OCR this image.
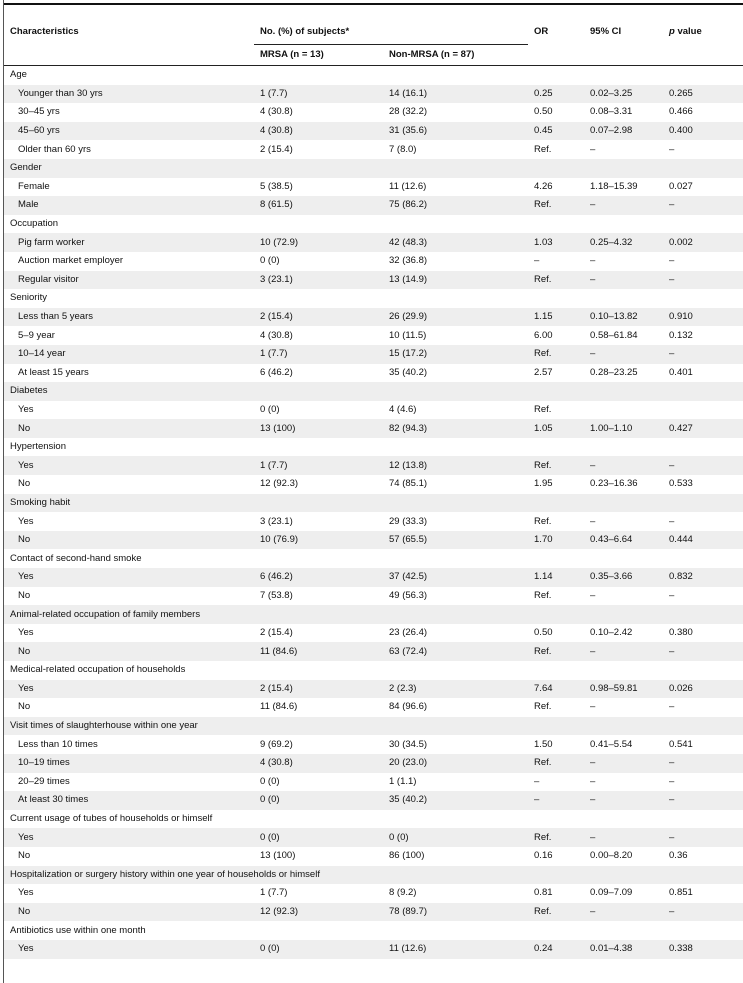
Characteristics	No. (%) of subjects*		OR	95% CI	p value
	MRSA (n = 13)	Non-MRSA (n = 87)			
Age					
Younger than 30 yrs	1 (7.7)	14 (16.1)	0.25	0.02–3.25	0.265
30–45 yrs	4 (30.8)	28 (32.2)	0.50	0.08–3.31	0.466
45–60 yrs	4 (30.8)	31 (35.6)	0.45	0.07–2.98	0.400
Older than 60 yrs	2 (15.4)	7 (8.0)	Ref.	–	–
Gender					
Female	5 (38.5)	11 (12.6)	4.26	1.18–15.39	0.027
Male	8 (61.5)	75 (86.2)	Ref.	–	–
Occupation					
Pig farm worker	10 (72.9)	42 (48.3)	1.03	0.25–4.32	0.002
Auction market employer	0 (0)	32 (36.8)	–	–	–
Regular visitor	3 (23.1)	13 (14.9)	Ref.	–	–
Seniority					
Less than 5 years	2 (15.4)	26 (29.9)	1.15	0.10–13.82	0.910
5–9 year	4 (30.8)	10 (11.5)	6.00	0.58–61.84	0.132
10–14 year	1 (7.7)	15 (17.2)	Ref.	–	–
At least 15 years	6 (46.2)	35 (40.2)	2.57	0.28–23.25	0.401
Diabetes					
Yes	0 (0)	4 (4.6)	Ref.		
No	13 (100)	82 (94.3)	1.05	1.00–1.10	0.427
Hypertension					
Yes	1 (7.7)	12 (13.8)	Ref.	–	–
No	12 (92.3)	74 (85.1)	1.95	0.23–16.36	0.533
Smoking habit					
Yes	3 (23.1)	29 (33.3)	Ref.	–	–
No	10 (76.9)	57 (65.5)	1.70	0.43–6.64	0.444
Contact of second-hand smoke					
Yes	6 (46.2)	37 (42.5)	1.14	0.35–3.66	0.832
No	7 (53.8)	49 (56.3)	Ref.	–	–
Animal-related occupation of family members					
Yes	2 (15.4)	23 (26.4)	0.50	0.10–2.42	0.380
No	11 (84.6)	63 (72.4)	Ref.	–	–
Medical-related occupation of households					
Yes	2 (15.4)	2 (2.3)	7.64	0.98–59.81	0.026
No	11 (84.6)	84 (96.6)	Ref.	–	–
Visit times of slaughterhouse within one year					
Less than 10 times	9 (69.2)	30 (34.5)	1.50	0.41–5.54	0.541
10–19 times	4 (30.8)	20 (23.0)	Ref.	–	–
20–29 times	0 (0)	1 (1.1)	–	–	–
At least 30 times	0 (0)	35 (40.2)	–	–	–
Current usage of tubes of households or himself					
Yes	0 (0)	0 (0)	Ref.	–	–
No	13 (100)	86 (100)	0.16	0.00–8.20	0.36
Hospitalization or surgery history within one year of households or himself					
Yes	1 (7.7)	8 (9.2)	0.81	0.09–7.09	0.851
No	12 (92.3)	78 (89.7)	Ref.	–	–
Antibiotics use within one month					
Yes	0 (0)	11 (12.6)	0.24	0.01–4.38	0.338
